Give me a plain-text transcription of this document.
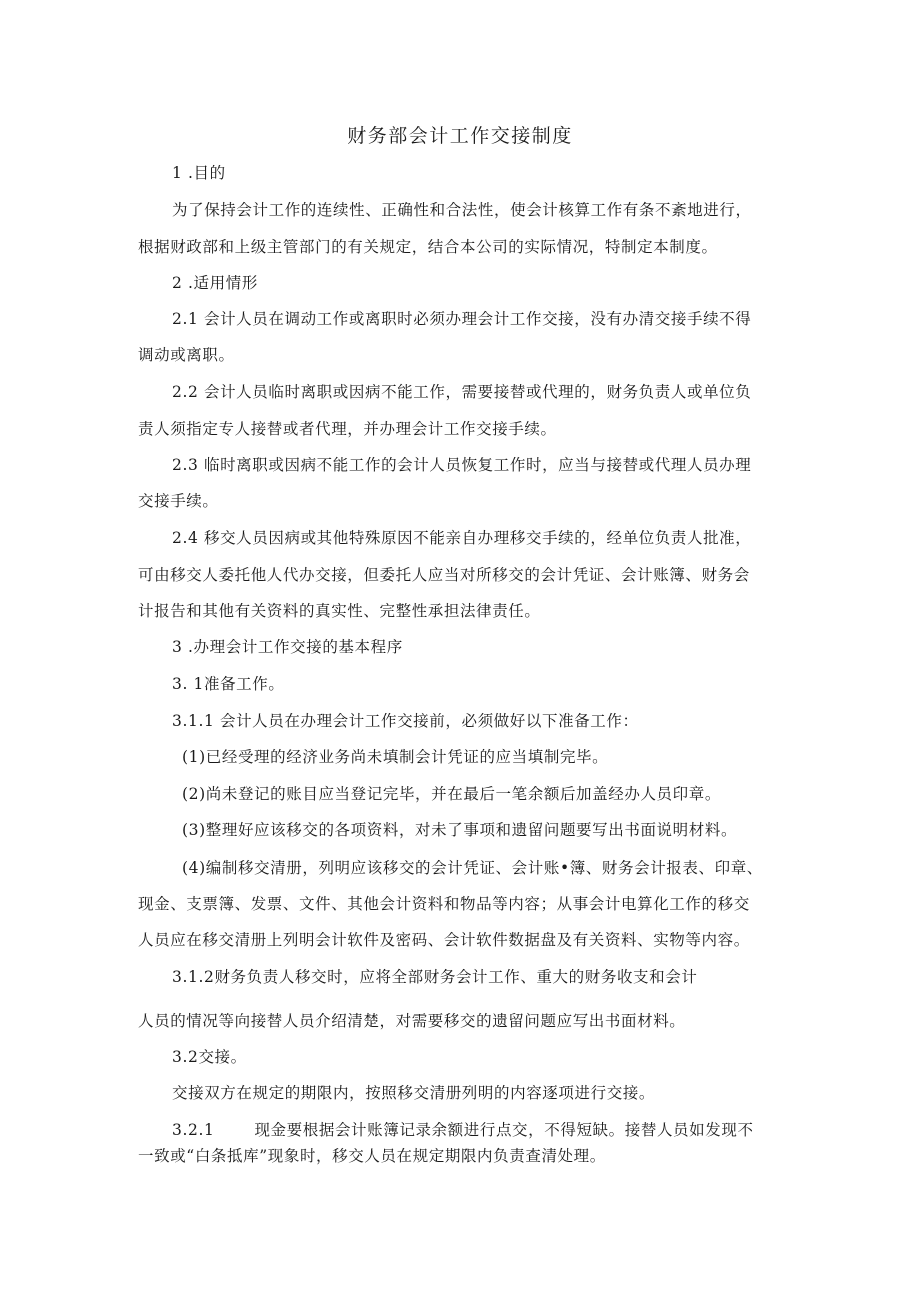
财务部会计工作交接制度
1 .目的
为了保持会计工作的连续性、正确性和合法性，使会计核算工作有条不紊地进行，
根据财政部和上级主管部门的有关规定，结合本公司的实际情况，特制定本制度。
2 .适用情形
2.1 会计人员在调动工作或离职时必须办理会计工作交接，没有办清交接手续不得
调动或离职。
2.2 会计人员临时离职或因病不能工作，需要接替或代理的，财务负责人或单位负
责人须指定专人接替或者代理，并办理会计工作交接手续。
2.3 临时离职或因病不能工作的会计人员恢复工作时，应当与接替或代理人员办理
交接手续。
2.4 移交人员因病或其他特殊原因不能亲自办理移交手续的，经单位负责人批准，
可由移交人委托他人代办交接，但委托人应当对所移交的会计凭证、会计账簿、财务会
计报告和其他有关资料的真实性、完整性承担法律责任。
3 .办理会计工作交接的基本程序
3. 1准备工作。
3.1.1 会计人员在办理会计工作交接前，必须做好以下准备工作：
(1)已经受理的经济业务尚未填制会计凭证的应当填制完毕。
(2)尚未登记的账目应当登记完毕，并在最后一笔余额后加盖经办人员印章。
(3)整理好应该移交的各项资料，对未了事项和遗留问题要写出书面说明材料。
(4)编制移交清册，列明应该移交的会计凭证、会计账•簿、财务会计报表、印章、
现金、支票簿、发票、文件、其他会计资料和物品等内容；从事会计电算化工作的移交
人员应在移交清册上列明会计软件及密码、会计软件数据盘及有关资料、实物等内容。
3.1.2财务负责人移交时，应将全部财务会计工作、重大的财务收支和会计
人员的情况等向接替人员介绍清楚，对需要移交的遗留问题应写出书面材料。
3.2交接。
交接双方在规定的期限内，按照移交清册列明的内容逐项进行交接。
3.2.1	现金要根据会计账簿记录余额进行点交，不得短缺。接替人员如发现不
一致或“白条抵库”现象时，移交人员在规定期限内负责查清处理。
